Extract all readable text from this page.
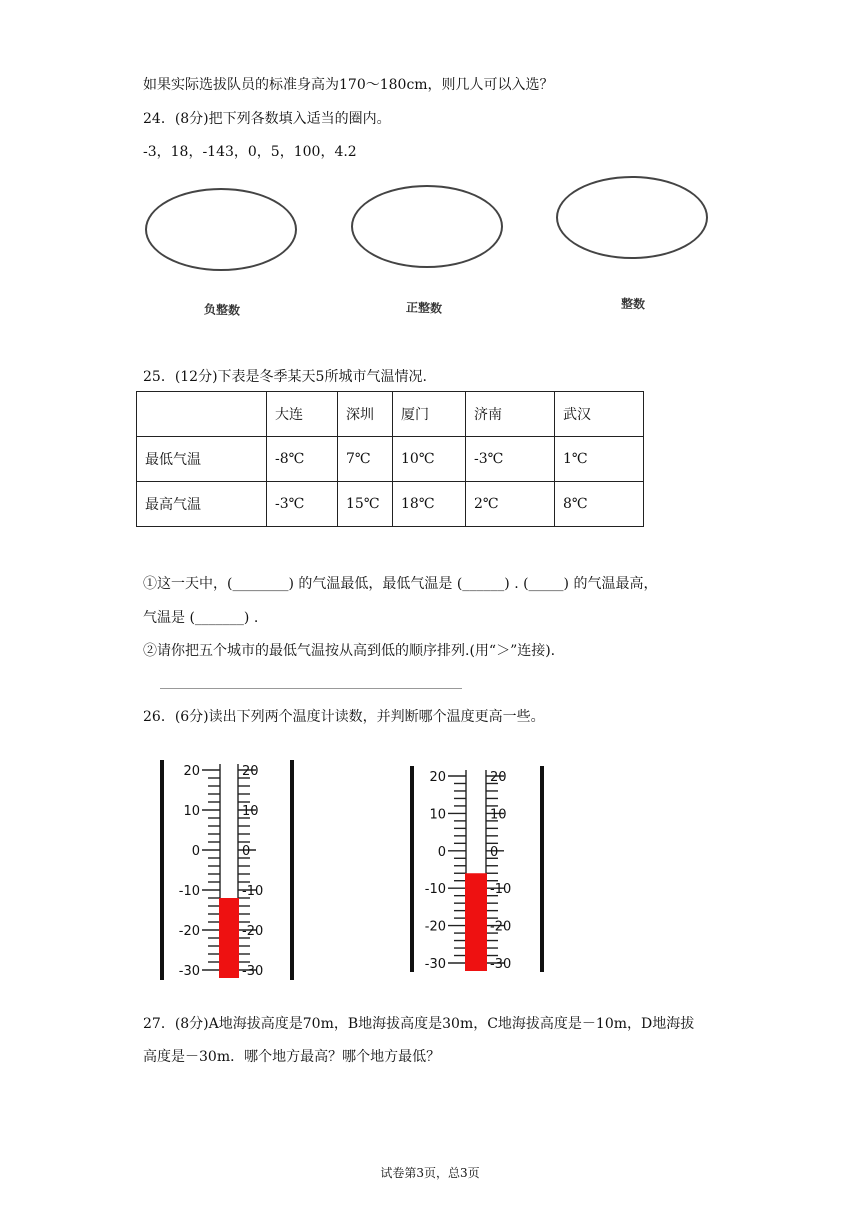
如果实际选拔队员的标准身高为170～180cm，则几人可以入选？
24．(8分)把下列各数填入适当的圈内。
-3，18，-143，0，5，100，4.2
负整数	正整数	整数
25．(12分)下表是冬季某天5所城市气温情况.
	大连	深圳	厦门	济南	武汉
最低气温	-8℃	7℃	10℃	-3℃	1℃
最高气温	-3℃	15℃	18℃	2℃	8℃
①这一天中，(________) 的气温最低，最低气温是 (______) . (_____) 的气温最高，
气温是 (_______) .
②请你把五个城市的最低气温按从高到低的顺序排列.(用“＞”连接).
26．(6分)读出下列两个温度计读数，并判断哪个温度更高一些。
20	20
10	10
0	0
-10	-10
-20	-20
-30	-30
20	20
10	10
0	0
-10	-10
-20	-20
-30	-30
27．(8分)A地海拔高度是70m，B地海拔高度是30m，C地海拔高度是－10m，D地海拔
高度是－30m．哪个地方最高？哪个地方最低？
试卷第3页，总3页
